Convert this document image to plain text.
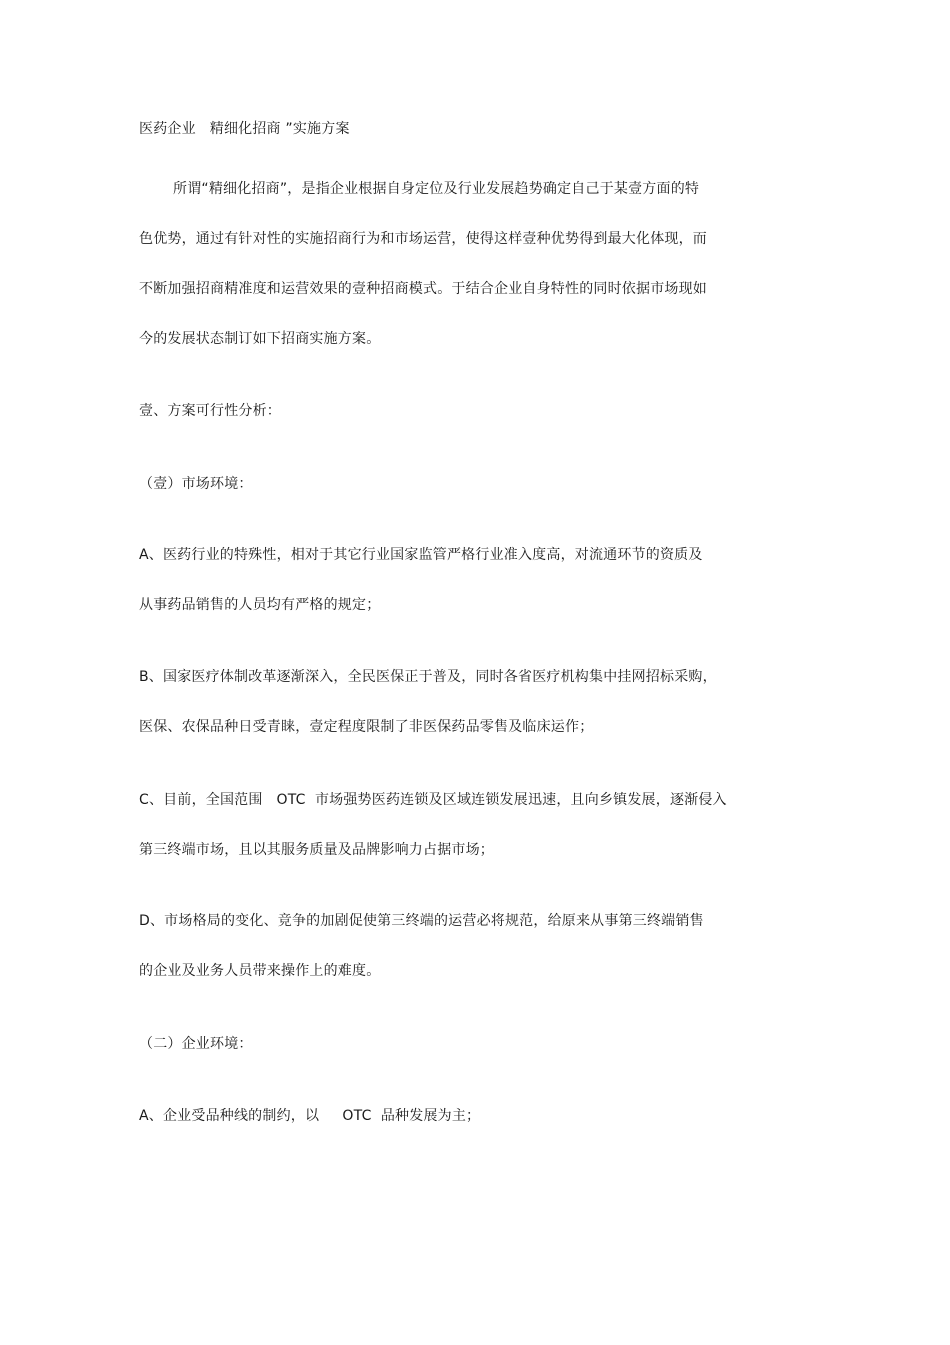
医药企业   精细化招商 ”实施方案
所谓“精细化招商”，是指企业根据自身定位及行业发展趋势确定自己于某壹方面的特
色优势，通过有针对性的实施招商行为和市场运营，使得这样壹种优势得到最大化体现，而
不断加强招商精准度和运营效果的壹种招商模式。于结合企业自身特性的同时依据市场现如
今的发展状态制订如下招商实施方案。
壹、方案可行性分析：
（壹）市场环境：
A、医药行业的特殊性，相对于其它行业国家监管严格行业准入度高，对流通环节的资质及
从事药品销售的人员均有严格的规定；
B、国家医疗体制改革逐渐深入，全民医保正于普及，同时各省医疗机构集中挂网招标采购，
医保、农保品种日受青睐，壹定程度限制了非医保药品零售及临床运作；
C、目前，全国范围   OTC  市场强势医药连锁及区域连锁发展迅速，且向乡镇发展，逐渐侵入
第三终端市场，且以其服务质量及品牌影响力占据市场；
D、市场格局的变化、竞争的加剧促使第三终端的运营必将规范，给原来从事第三终端销售
的企业及业务人员带来操作上的难度。
（二）企业环境：
A、企业受品种线的制约，以     OTC  品种发展为主；
